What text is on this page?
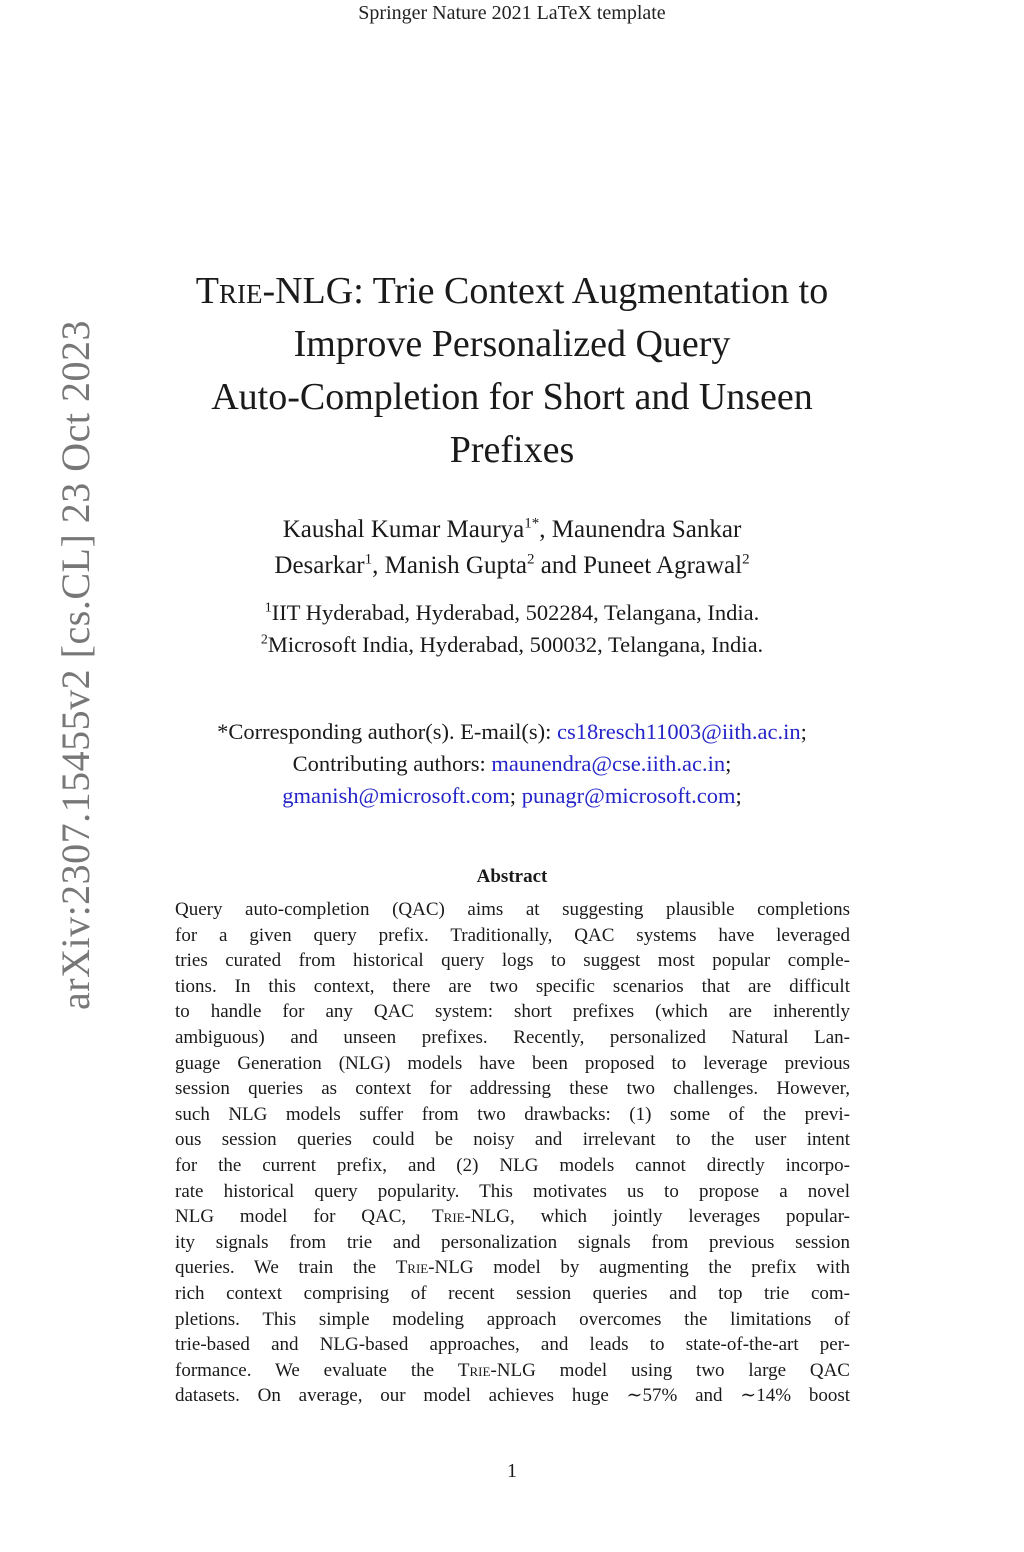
Springer Nature 2021 LaTeX template
arXiv:2307.15455v2 [cs.CL] 23 Oct 2023
Trie-NLG: Trie Context Augmentation to
Improve Personalized Query
Auto-Completion for Short and Unseen
Prefixes
Kaushal Kumar Maurya$^{1*}$, Maunendra Sankar
Desarkar$^1$, Manish Gupta$^2$ and Puneet Agrawal$^2$
$^1$IIT Hyderabad, Hyderabad, 502284, Telangana, India.
$^2$Microsoft India, Hyderabad, 500032, Telangana, India.
*Corresponding author(s). E-mail(s): cs18resch11003@iith.ac.in;
Contributing authors: maunendra@cse.iith.ac.in;
gmanish@microsoft.com; punagr@microsoft.com;
Abstract
Query auto-completion (QAC) aims at suggesting plausible completions
for a given query prefix. Traditionally, QAC systems have leveraged
tries curated from historical query logs to suggest most popular comple-
tions. In this context, there are two specific scenarios that are difficult
to handle for any QAC system: short prefixes (which are inherently
ambiguous) and unseen prefixes. Recently, personalized Natural Lan-
guage Generation (NLG) models have been proposed to leverage previous
session queries as context for addressing these two challenges. However,
such NLG models suffer from two drawbacks: (1) some of the previ-
ous session queries could be noisy and irrelevant to the user intent
for the current prefix, and (2) NLG models cannot directly incorpo-
rate historical query popularity. This motivates us to propose a novel
NLG model for QAC, Trie-NLG, which jointly leverages popular-
ity signals from trie and personalization signals from previous session
queries. We train the Trie-NLG model by augmenting the prefix with
rich context comprising of recent session queries and top trie com-
pletions. This simple modeling approach overcomes the limitations of
trie-based and NLG-based approaches, and leads to state-of-the-art per-
formance. We evaluate the Trie-NLG model using two large QAC
datasets. On average, our model achieves huge ∼57% and ∼14% boost
1
